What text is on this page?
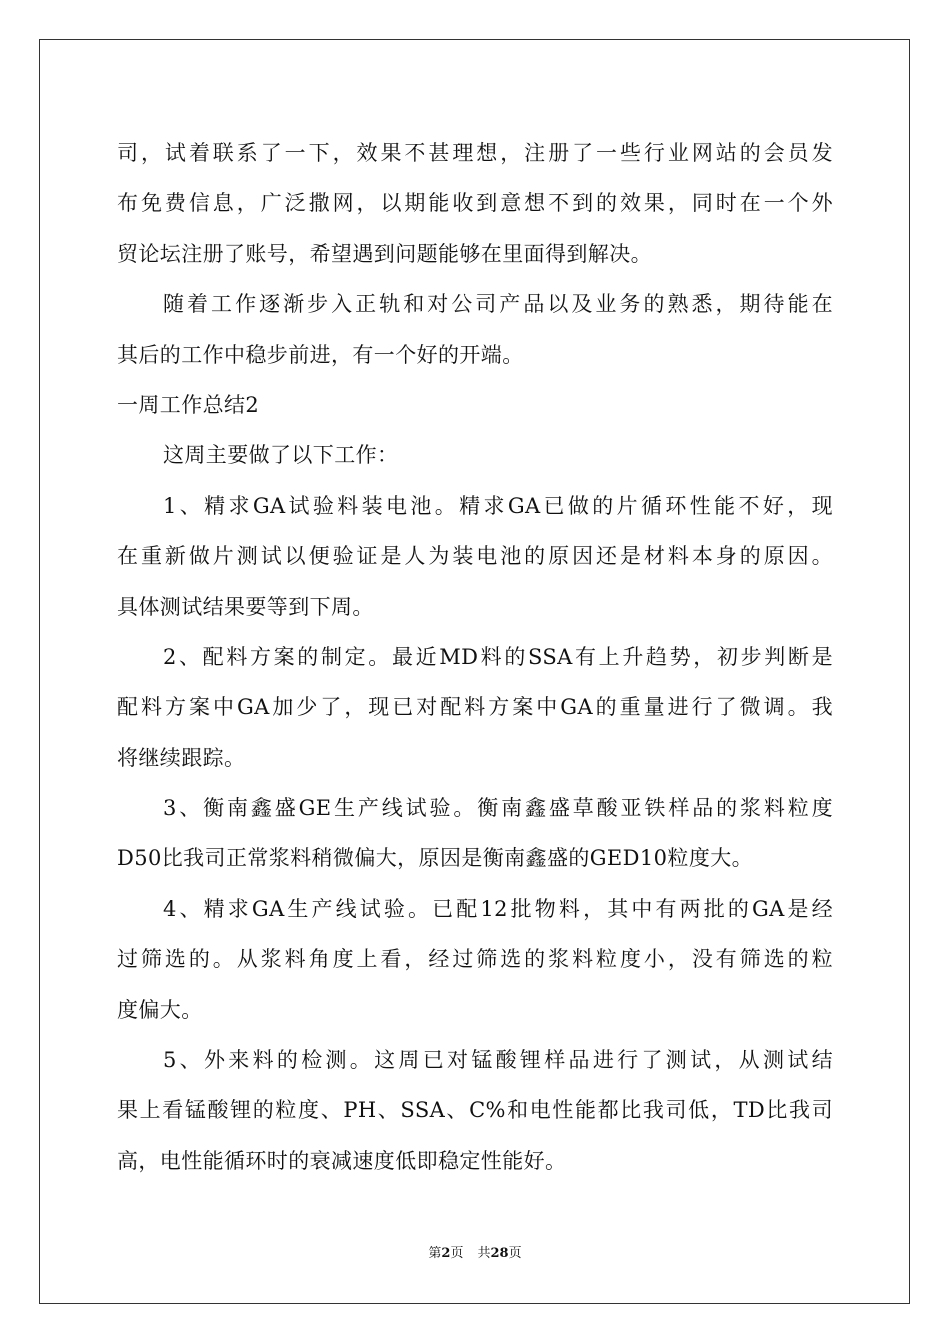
司，试着联系了一下，效果不甚理想，注册了一些行业网站的会员发
布免费信息，广泛撒网，以期能收到意想不到的效果，同时在一个外
贸论坛注册了账号，希望遇到问题能够在里面得到解决。
随着工作逐渐步入正轨和对公司产品以及业务的熟悉，期待能在
其后的工作中稳步前进，有一个好的开端。
一周工作总结2
这周主要做了以下工作：
1、精求GA试验料装电池。精求GA已做的片循环性能不好，现
在重新做片测试以便验证是人为装电池的原因还是材料本身的原因。
具体测试结果要等到下周。
2、配料方案的制定。最近MD料的SSA有上升趋势，初步判断是
配料方案中GA加少了，现已对配料方案中GA的重量进行了微调。我
将继续跟踪。
3、衡南鑫盛GE生产线试验。衡南鑫盛草酸亚铁样品的浆料粒度
D50比我司正常浆料稍微偏大，原因是衡南鑫盛的GED10粒度大。
4、精求GA生产线试验。已配12批物料，其中有两批的GA是经
过筛选的。从浆料角度上看，经过筛选的浆料粒度小，没有筛选的粒
度偏大。
5、外来料的检测。这周已对锰酸锂样品进行了测试，从测试结
果上看锰酸锂的粒度、PH、SSA、C%和电性能都比我司低，TD比我司
高，电性能循环时的衰减速度低即稳定性能好。
第2页 共28页
